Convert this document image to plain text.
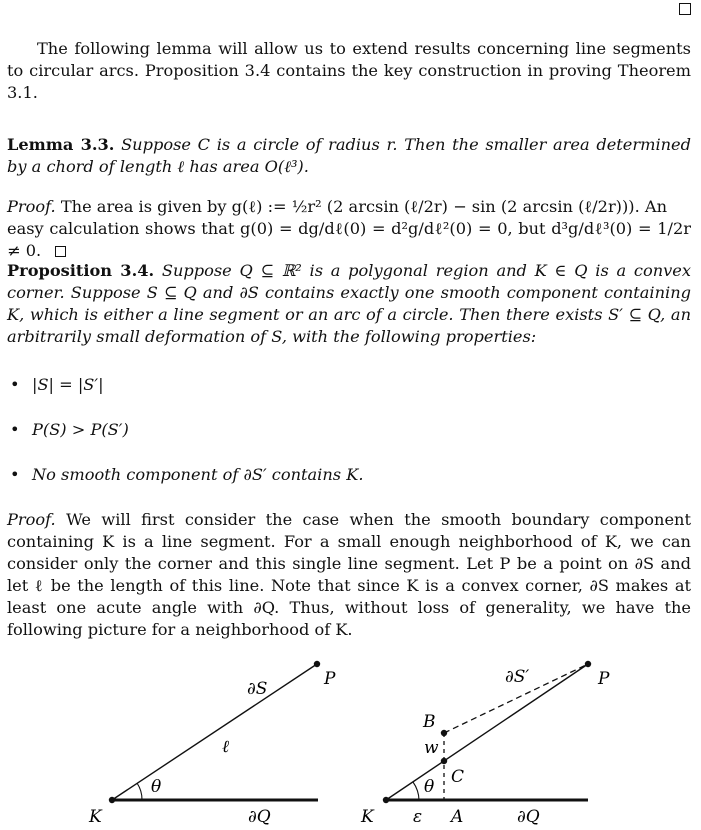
The following lemma will allow us to extend results concerning line segments to circular arcs. Proposition 3.4 contains the key construction in proving Theorem 3.1.

Lemma 3.3. Suppose C is a circle of radius r. Then the smaller area determined by a chord of length ℓ has area O(ℓ³).

Proof. The area is given by g(ℓ) := ½r² (2 arcsin (ℓ/2r) − sin (2 arcsin (ℓ/2r))). An
easy calculation shows that g(0) = dg/dℓ(0) = d²g/dℓ²(0) = 0, but d³g/dℓ³(0) = 1/2r ≠ 0.

Proposition 3.4. Suppose Q ⊆ ℝ² is a polygonal region and K ∈ Q is a convex corner. Suppose S ⊆ Q and ∂S contains exactly one smooth component containing K, which is either a line segment or an arc of a circle. Then there exists S′ ⊆ Q, an arbitrarily small deformation of S, with the following properties:

• |S| = |S′|
• P(S) > P(S′)
• No smooth component of ∂S′ contains K.

Proof. We will first consider the case when the smooth boundary component containing K is a line segment. For a small enough neighborhood of K, we can consider only the corner and this single line segment. Let P be a point on ∂S and let ℓ be the length of this line. Note that since K is a convex corner, ∂S makes at least one acute angle with ∂Q. Thus, without loss of generality, we have the following picture for a neighborhood of K.

K
P
∂S
ℓ
θ
∂Q	K
P
∂S′
B
w
C
θ
ε A	∂Q
